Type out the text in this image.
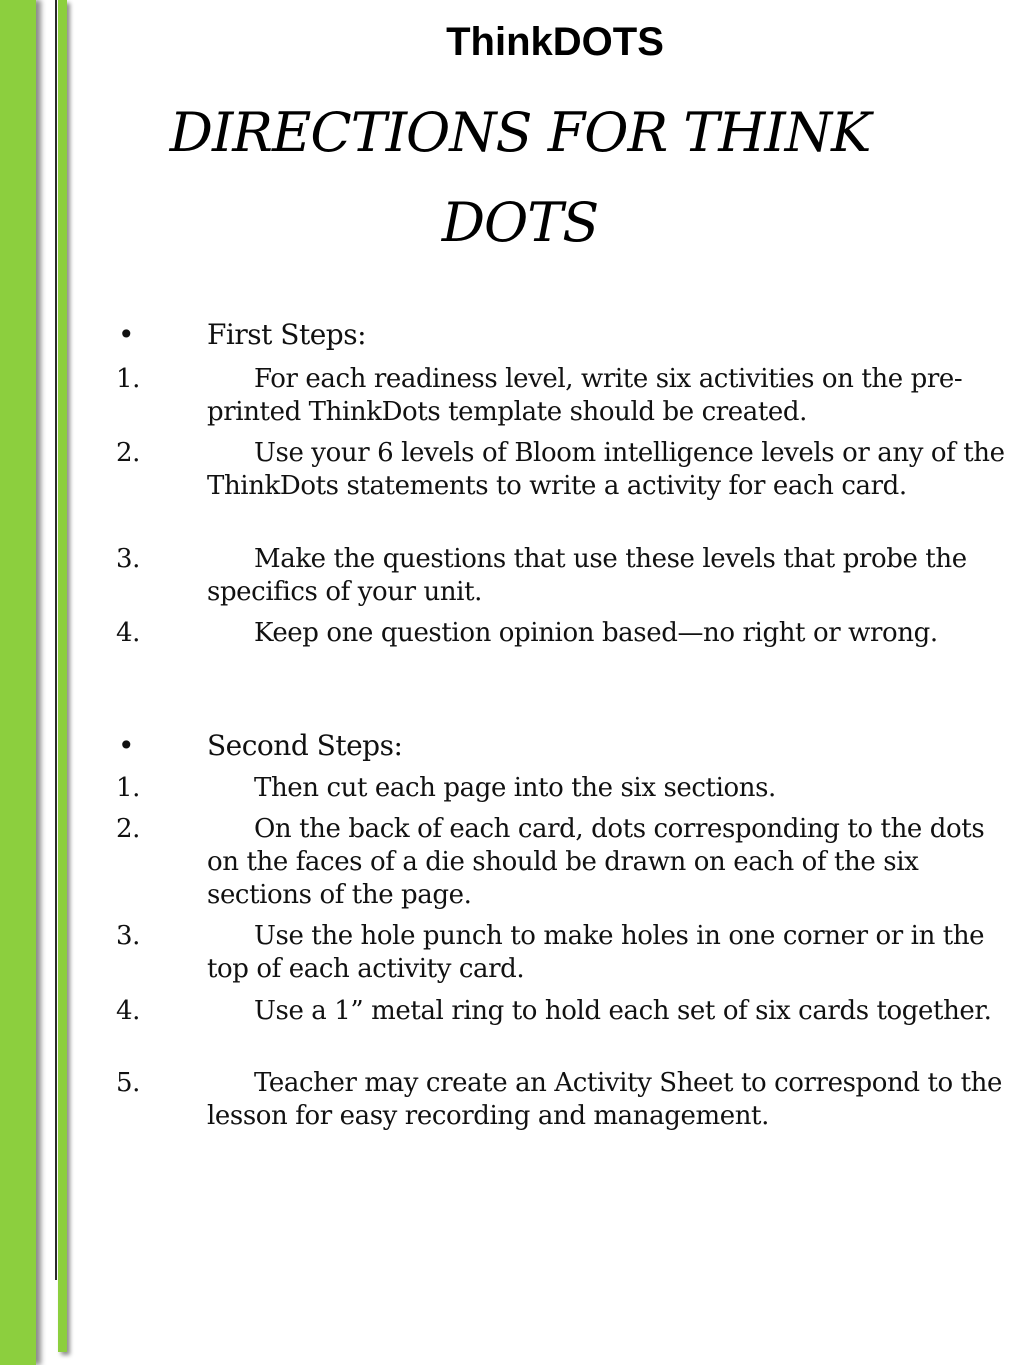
ThinkDOTS
DIRECTIONS FOR THINK DOTS
•	First Steps:
1.	For each readiness level, write six activities on the pre-printed ThinkDots template should be created.

2.	Use your 6 levels of Bloom intelligence levels or any of the ThinkDots statements to write a activity for each card.

3.	Make the questions that use these levels that probe the specifics of your unit.

4.	Keep one question opinion based—no right or wrong.

•	Second Steps:
1.	Then cut each page into the six sections.

2.	On the back of each card, dots corresponding to the dots on the faces of a die should be drawn on each of the six sections of the page.

3.	Use the hole punch to make holes in one corner or in the top of each activity card.

4.	Use a 1” metal ring to hold each set of six cards together.

5.	Teacher may create an Activity Sheet to correspond to the lesson for easy recording and management.
